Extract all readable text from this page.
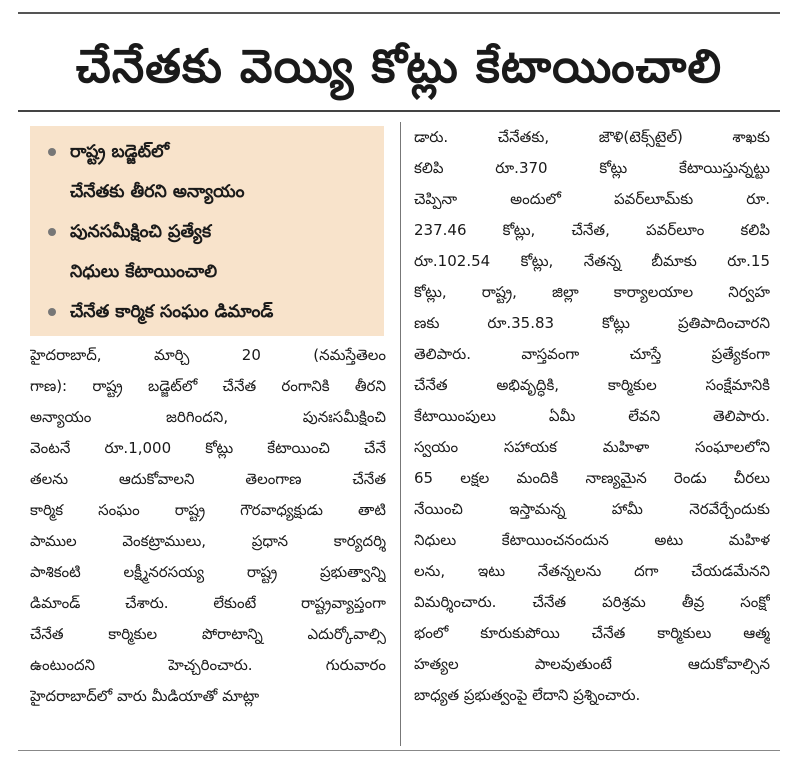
చేనేతకు వెయ్యి కోట్లు కేటాయించాలి
రాష్ట్ర బడ్జెట్‌లో
చేనేతకు తీరని అన్యాయం
పునసమీక్షించి ప్రత్యేక
నిధులు కేటాయించాలి
చేనేత కార్మిక సంఘం డిమాండ్
హైదరాబాద్, మార్చి 20 (నమస్తేతెలం
గాణ): రాష్ట్ర బడ్జెట్‌లో చేనేత రంగానికి తీరని
అన్యాయం జరిగిందని, పునఃసమీక్షించి
వెంటనే రూ.1,000 కోట్లు కేటాయించి చేనే
తలను ఆదుకోవాలని తెలంగాణ చేనేత
కార్మిక సంఘం రాష్ట్ర గౌరవాధ్యక్షుడు తాటి
పాముల వెంకట్రాములు, ప్రధాన కార్యదర్శి
పాశికంటి లక్ష్మీనరసయ్య రాష్ట్ర ప్రభుత్వాన్ని
డిమాండ్ చేశారు. లేకుంటే రాష్ట్రవ్యాప్తంగా
చేనేత కార్మికుల పోరాటాన్ని ఎదుర్కోవాల్సి
ఉంటుందని హెచ్చరించారు. గురువారం
హైదరాబాద్‌లో వారు మీడియాతో మాట్లా
డారు. చేనేతకు, జౌళి(టెక్స్‌టైల్) శాఖకు
కలిపి రూ.370 కోట్లు కేటాయిస్తున్నట్టు
చెప్పినా అందులో పవర్‌లూమ్‌కు రూ.
237.46 కోట్లు, చేనేత, పవర్‌లూం కలిపి
రూ.102.54 కోట్లు, నేతన్న బీమాకు రూ.15
కోట్లు, రాష్ట్ర, జిల్లా కార్యాలయాల నిర్వహ
ణకు రూ.35.83 కోట్లు ప్రతిపాదించారని
తెలిపారు. వాస్తవంగా చూస్తే ప్రత్యేకంగా
చేనేత అభివృద్ధికి, కార్మికుల సంక్షేమానికి
కేటాయింపులు ఏమీ లేవని తెలిపారు.
స్వయం సహాయక మహిళా సంఘాలలోని
65 లక్షల మందికి నాణ్యమైన రెండు చీరలు
నేయించి ఇస్తామన్న హామీ నెరవేర్చేందుకు
నిధులు కేటాయించనందున అటు మహిళ
లను, ఇటు నేతన్నలను దగా చేయడమేనని
విమర్శించారు. చేనేత పరిశ్రమ తీవ్ర సంక్షో
భంలో కూరుకుపోయి చేనేత కార్మికులు ఆత్మ
హత్యల పాలవుతుంటే ఆదుకోవాల్సిన
బాధ్యత ప్రభుత్వంపై లేదాని ప్రశ్నించారు.
